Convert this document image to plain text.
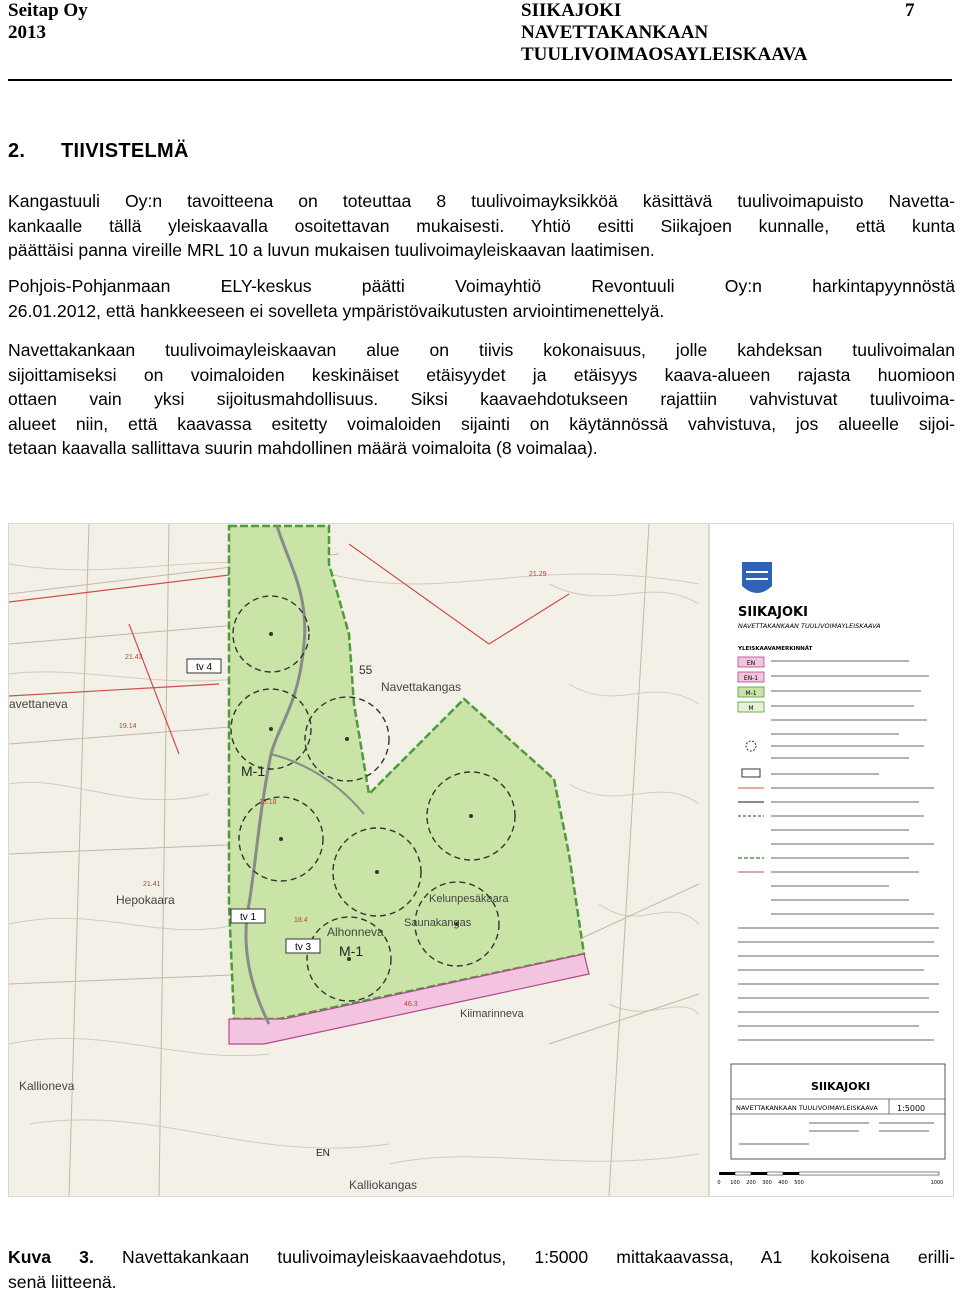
Seitap Oy
2013
SIIKAJOKI
NAVETTAKANKAAN
TUULIVOIMAOSAYLEISKAAVA
7
2. TIIVISTELMÄ
Kangastuuli Oy:n tavoitteena on toteuttaa 8 tuulivoimayksikköä käsittävä tuulivoimapuisto Navetta-
kankaalle tällä yleiskaavalla osoitettavan mukaisesti. Yhtiö esitti Siikajoen kunnalle, että kunta
päättäisi panna vireille MRL 10 a luvun mukaisen tuulivoimayleiskaavan laatimisen.
Pohjois-Pohjanmaan ELY-keskus päätti Voimayhtiö Revontuuli Oy:n harkintapyynnöstä
26.01.2012, että hankkeeseen ei sovelleta ympäristövaikutusten arviointimenettelyä.
Navettakankaan tuulivoimayleiskaavan alue on tiivis kokonaisuus, jolle kahdeksan tuulivoimalan
sijoittamiseksi on voimaloiden keskinäiset etäisyydet ja etäisyys kaava-alueen rajasta huomioon
ottaen vain yksi sijoitusmahdollisuus. Siksi kaavaehdotukseen rajattiin vahvistuvat tuulivoima-
alueet niin, että kaavassa esitetty voimaloiden sijainti on käytännössä vahvistuva, jos alueelle sijoi-
tetaan kaavalla sallittava suurin mahdollinen määrä voimaloita (8 voimalaa).
tv 4
tv 1
tv 3
M-1
M-1
EN
55
21.43
21.41
18.4
19.14
18.18
46.3
21.29
Navettakangas
avettaneva
Hepokaara
Alhonneva
Saunakangas
Kelunpesäkaara
Kiimarinneva
Kallioneva
Kalliokangas
SIIKAJOKI
NAVETTAKANKAAN TUULIVOIMAYLEISKAAVA
YLEISKAAVAMERKINNÄT
EN
EN-1
M-1
M
SIIKAJOKI
NAVETTAKANKAAN TUULIVOIMAYLEISKAAVA 1:5000
0 100 200 300 400 500	1000
Kuva 3. Navettakankaan tuulivoimayleiskaavaehdotus, 1:5000 mittakaavassa, A1 kokoisena erilli-
senä liitteenä.
